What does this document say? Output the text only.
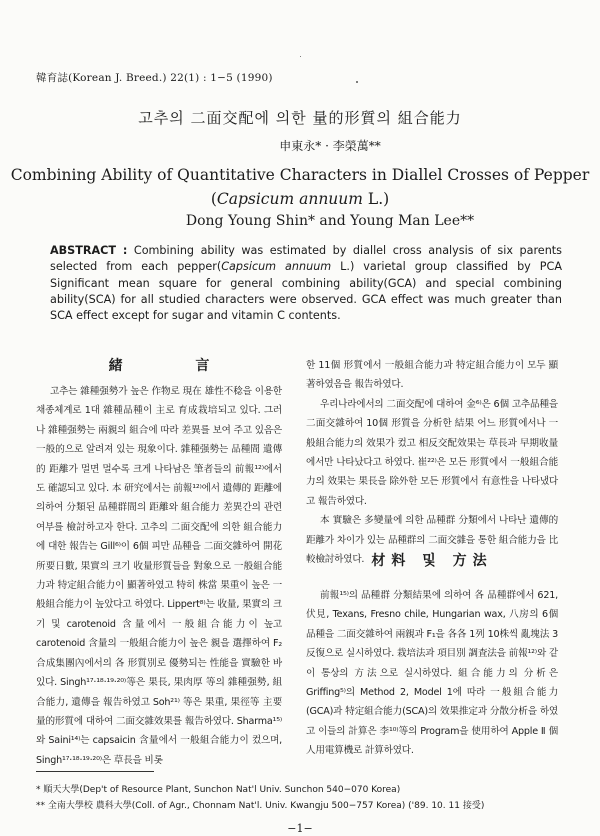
韓育誌(Korean J. Breed.) 22(1) : 1−5 (1990)
고추의 二面交配에 의한 量的形質의 組合能力
申東永* · 李榮萬**
Combining Ability of Quantitative Characters in Diallel Crosses of Pepper
(Capsicum annuum L.)
Dong Young Shin* and Young Man Lee**
ABSTRACT : Combining ability was estimated by diallel cross analysis of six parents selected from each pepper(Capsicum annuum L.) varietal group classified by PCA Significant mean square for general combining ability(GCA) and special combining ability(SCA) for all studied characters were observed. GCA effect was much greater than SCA effect except for sugar and vitamin C contents.
緒 言

고추는 雜種强勢가 높은 作物로 現在 雄性不稔을 이용한 채종체계로 1대 雜種品種이 主로 育成栽培되고 있다. 그러나 雜種强勢는 兩親의 組合에 따라 差異를 보여 주고 있음은 一般的으로 알려져 있는 現象이다. 雜種强勢는 品種間 遺傳的 距離가 멀면 멀수록 크게 나타남은 筆者들의 前報¹²⁾에서도 確認되고 있다. 本 研究에서는 前報¹²⁾에서 遺傳的 距離에 의하여 分類된 品種群間의 距離와 組合能力 差異간의 관련여부를 檢討하고자 한다. 고추의 二面交配에 의한 組合能力에 대한 報告는 Gill⁶⁾이 6個 피만 品種을 二面交雜하여 開花所要日數, 果實의 크기 收量形質들을 對象으로 一般組合能力과 特定組合能力이 顯著하였고 特히 株當 果重이 높은 一般組合能力이 높았다고 하였다. Lippert⁸⁾는 收量, 果實의 크기 및 carotenoid 含量에서 一般組合能力이 높고 carotenoid 含量의 一般組合能力이 높은 親을 選擇하여 F₂合成集團內에서의 各 形質別로 優勢되는 性能을 實驗한 바 있다. Singh¹⁷·¹⁸·¹⁹·²⁰⁾等은 果長, 果肉厚 等의 雜種强勢, 組合能力, 遺傳을 報告하였고 Soh²¹⁾ 等은 果重, 果徑等 主要量的形質에 대하여 二面交雜效果를 報告하였다. Sharma¹⁵⁾와 Saini¹⁴⁾는 capsaicin 含量에서 一般組合能力이 컸으며, Singh¹⁷·¹⁸·¹⁹·²⁰⁾은 草長을 비롯

한 11個 形質에서 一般組合能力과 特定組合能力이 모두 顯著하였음을 報告하였다.

우리나라에서의 二面交配에 대하여 金⁶⁾은 6個 고추品種을 二面交雜하여 10個 形質을 分析한 結果 어느 形質에서나 一般組合能力의 效果가 컸고 相反交配效果는 草長과 早期收量에서만 나타났다고 하였다. 崔²²⁾은 모든 形質에서 一般組合能力의 效果는 果長을 除外한 모든 形質에서 有意性을 나타냈다고 報告하였다.

本 實驗은 多變量에 의한 品種群 分類에서 나타난 遺傳的 距離가 차이가 있는 品種群의 二面交雜을 통한 組合能力을 比較檢討하였다. 材料 및 方法

前報¹⁵⁾의 品種群 分類結果에 의하여 各 品種群에서 621, 伏見, Texans, Fresno chile, Hungarian wax, 八房의 6個 品種을 二面交雜하여 兩親과 F₁을 各各 1列 10株씩 亂塊法 3反復으로 실시하였다. 栽培法과 項目別 調査法을 前報¹²⁾와 같이 통상의 方法으로 실시하였다. 組合能力의 分析은 Griffing⁵⁾의 Method 2, Model 1에 따라 一般組合能力(GCA)과 特定組合能力(SCA)의 效果推定과 分散分析을 하였고 이들의 計算은 李¹⁰⁾等의 Program을 使用하여 Apple Ⅱ 個人用電算機로 計算하였다.

* 順天大學(Dep't of Resource Plant, Sunchon Nat'l Univ. Sunchon 540−070 Korea)
** 全南大學校 農科大學(Coll. of Agr., Chonnam Nat'l. Univ. Kwangju 500−757 Korea) ('89. 10. 11 接受)
−1−
